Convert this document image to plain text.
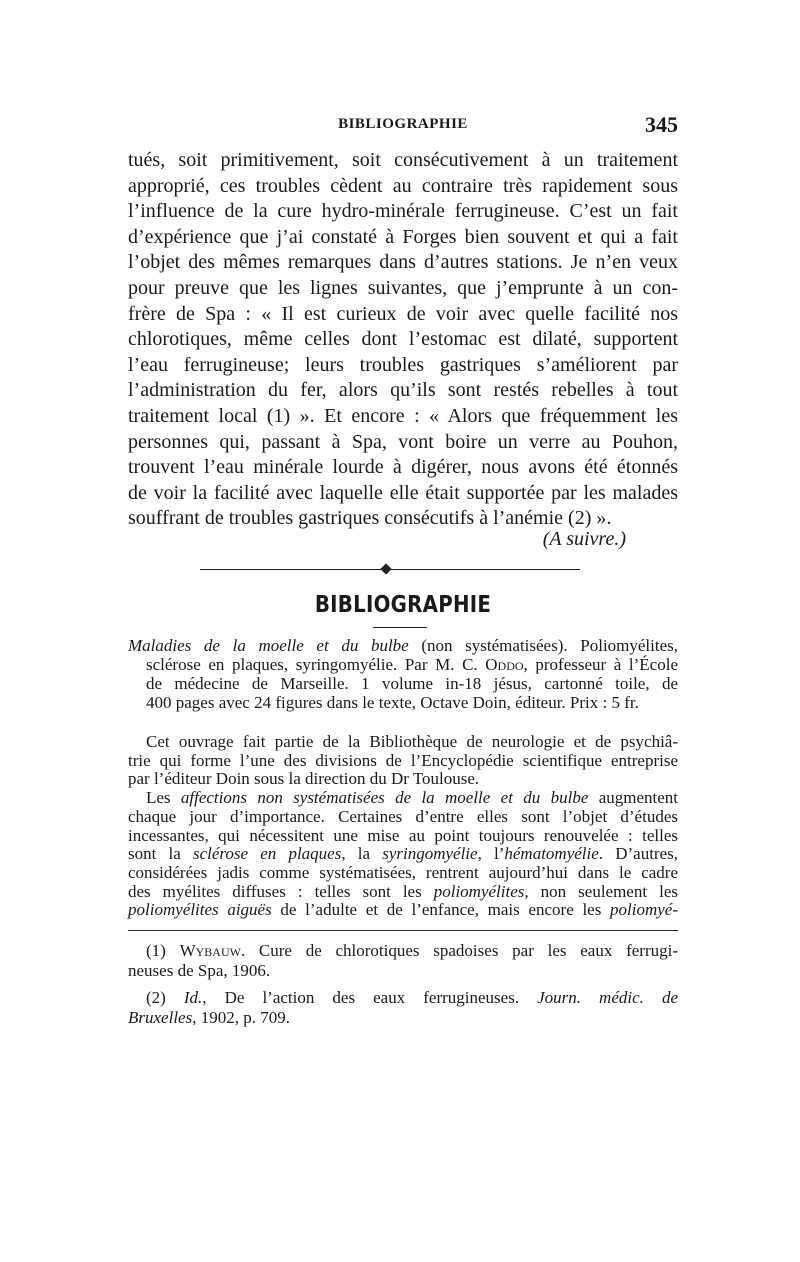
BIBLIOGRAPHIE	345
tués, soit primitivement, soit consécutivement à un traitement
approprié, ces troubles cèdent au contraire très rapidement sous
l’influence de la cure hydro-minérale ferrugineuse. C’est un fait
d’expérience que j’ai constaté à Forges bien souvent et qui a fait
l’objet des mêmes remarques dans d’autres stations. Je n’en veux
pour preuve que les lignes suivantes, que j’emprunte à un con-
frère de Spa : « Il est curieux de voir avec quelle facilité nos
chlorotiques, même celles dont l’estomac est dilaté, supportent
l’eau ferrugineuse; leurs troubles gastriques s’améliorent par
l’administration du fer, alors qu’ils sont restés rebelles à tout
traitement local (1) ». Et encore : « Alors que fréquemment les
personnes qui, passant à Spa, vont boire un verre au Pouhon,
trouvent l’eau minérale lourde à digérer, nous avons été étonnés
de voir la facilité avec laquelle elle était supportée par les malades
souffrant de troubles gastriques consécutifs à l’anémie (2) ».
(A suivre.)
BIBLIOGRAPHIE
Maladies de la moelle et du bulbe (non systématisées). Poliomyélites,
sclérose en plaques, syringomyélie. Par M. C. Oddo, professeur à l’École
de médecine de Marseille. 1 volume in-18 jésus, cartonné toile, de
400 pages avec 24 figures dans le texte, Octave Doin, éditeur. Prix : 5 fr.
Cet ouvrage fait partie de la Bibliothèque de neurologie et de psychiâ-
trie qui forme l’une des divisions de l’Encyclopédie scientifique entreprise
par l’éditeur Doin sous la direction du Dr Toulouse.
Les affections non systématisées de la moelle et du bulbe augmentent
chaque jour d’importance. Certaines d’entre elles sont l’objet d’études
incessantes, qui nécessitent une mise au point toujours renouvelée : telles
sont la sclérose en plaques, la syringomyélie, l’hématomyélie. D’autres,
considérées jadis comme systématisées, rentrent aujourd’hui dans le cadre
des myélites diffuses : telles sont les poliomyélites, non seulement les
poliomyélites aiguës de l’adulte et de l’enfance, mais encore les poliomyé-
(1) Wybauw. Cure de chlorotiques spadoises par les eaux ferrugi-
neuses de Spa, 1906.
(2) Id., De l’action des eaux ferrugineuses. Journ. médic. de
Bruxelles, 1902, p. 709.
